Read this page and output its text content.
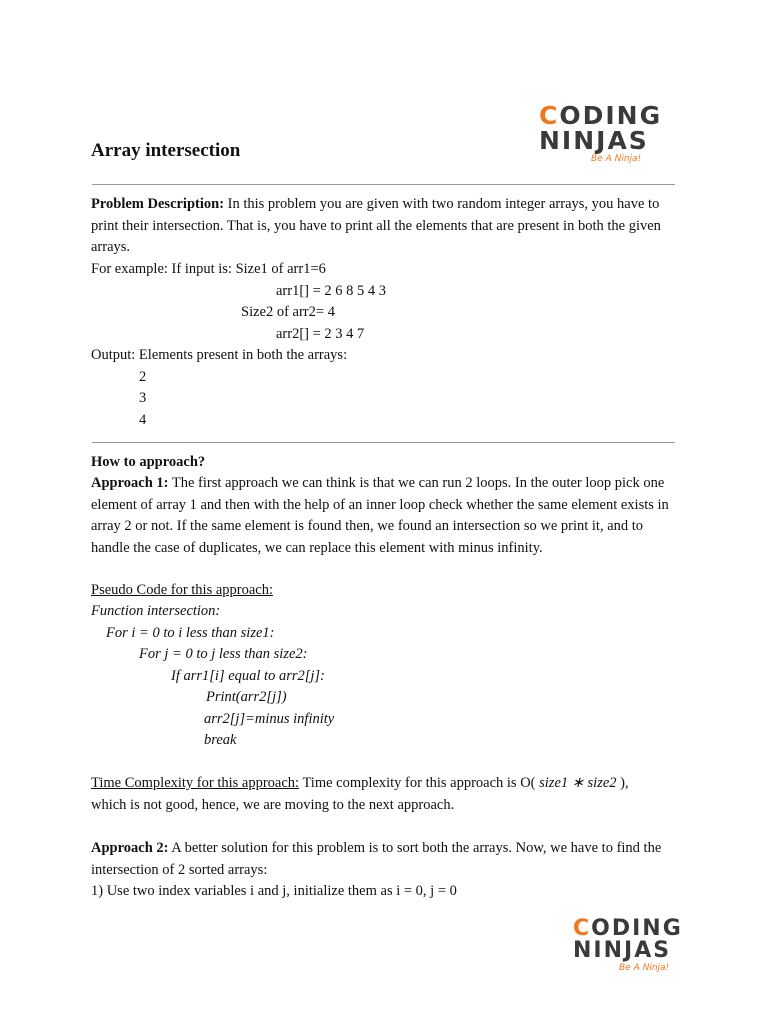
CODING
NINJAS
Be A Ninja!
Array intersection
Problem Description: In this problem you are given with two random integer arrays, you have to print their intersection. That is, you have to print all the elements that are present in both the given arrays.
For example: If input is: Size1 of arr1=6
arr1[] = 2 6 8 5 4 3
Size2 of arr2= 4
arr2[] = 2 3 4 7
Output: Elements present in both the arrays:
2
3
4
How to approach?
Approach 1: The first approach we can think is that we can run 2 loops. In the outer loop pick one element of array 1 and then with the help of an inner loop check whether the same element exists in array 2 or not. If the same element is found then, we found an intersection so we print it, and to handle the case of duplicates, we can replace this element with minus infinity.
Pseudo Code for this approach:
Function intersection:
For i = 0 to i less than size1:
For j = 0 to j less than size2:
If arr1[i] equal to arr2[j]:
Print(arr2[j])
arr2[j]=minus infinity
break
Time Complexity for this approach: Time complexity for this approach is O( size1 ∗ size2 ),
which is not good, hence, we are moving to the next approach.
Approach 2: A better solution for this problem is to sort both the arrays. Now, we have to find the intersection of 2 sorted arrays:
1) Use two index variables i and j, initialize them as i = 0, j = 0
CODING
NINJAS
Be A Ninja!
